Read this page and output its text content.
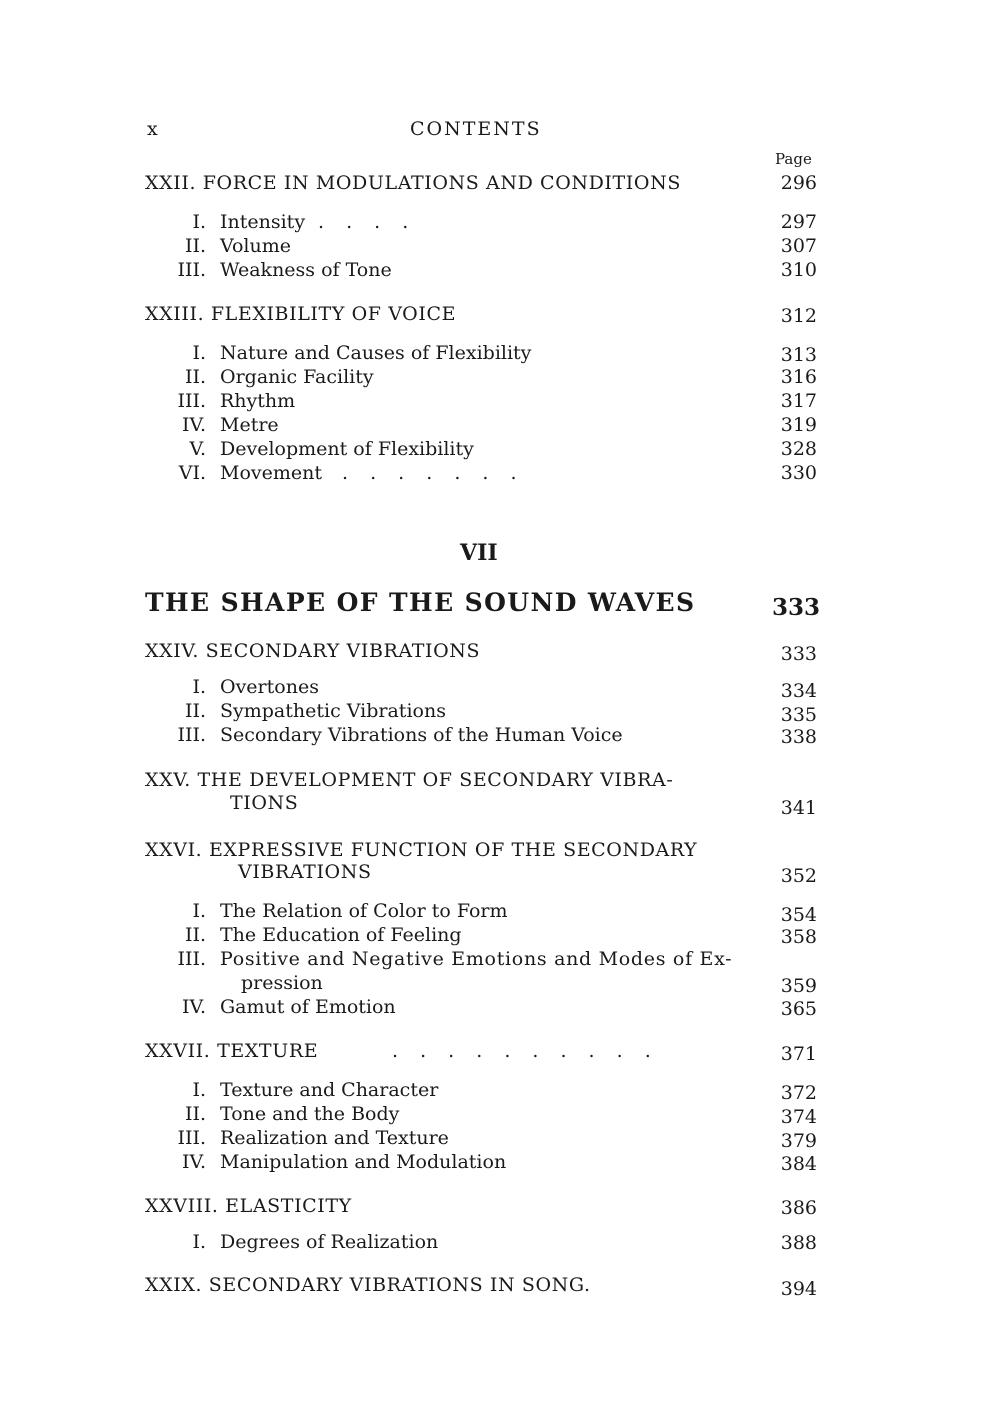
x	CONTENTS
Page
XXII. FORCE IN MODULATIONS AND CONDITIONS	296
I. Intensity . . . .	297
II. Volume	307
III. Weakness of Tone	310
XXIII. FLEXIBILITY OF VOICE	312
I. Nature and Causes of Flexibility	313
II. Organic Facility	316
III. Rhythm	317
IV. Metre	319
V. Development of Flexibility	328
VI. Movement . . . . . . .	330
VII
THE SHAPE OF THE SOUND WAVES	333
XXIV. SECONDARY VIBRATIONS	333
I. Overtones	334
II. Sympathetic Vibrations	335
III. Secondary Vibrations of the Human Voice	338
XXV. THE DEVELOPMENT OF SECONDARY VIBRA-
TIONS	341
XXVI. EXPRESSIVE FUNCTION OF THE SECONDARY
VIBRATIONS	352
I. The Relation of Color to Form	354
II. The Education of Feeling	358
III. Positive and Negative Emotions and Modes of Ex-
pression	359
IV. Gamut of Emotion	365
XXVII. TEXTURE	. . . . . . . . . .	371
I. Texture and Character	372
II. Tone and the Body	374
III. Realization and Texture	379
IV. Manipulation and Modulation	384
XXVIII. ELASTICITY	386
I. Degrees of Realization	388
XXIX. SECONDARY VIBRATIONS IN SONG.	394
